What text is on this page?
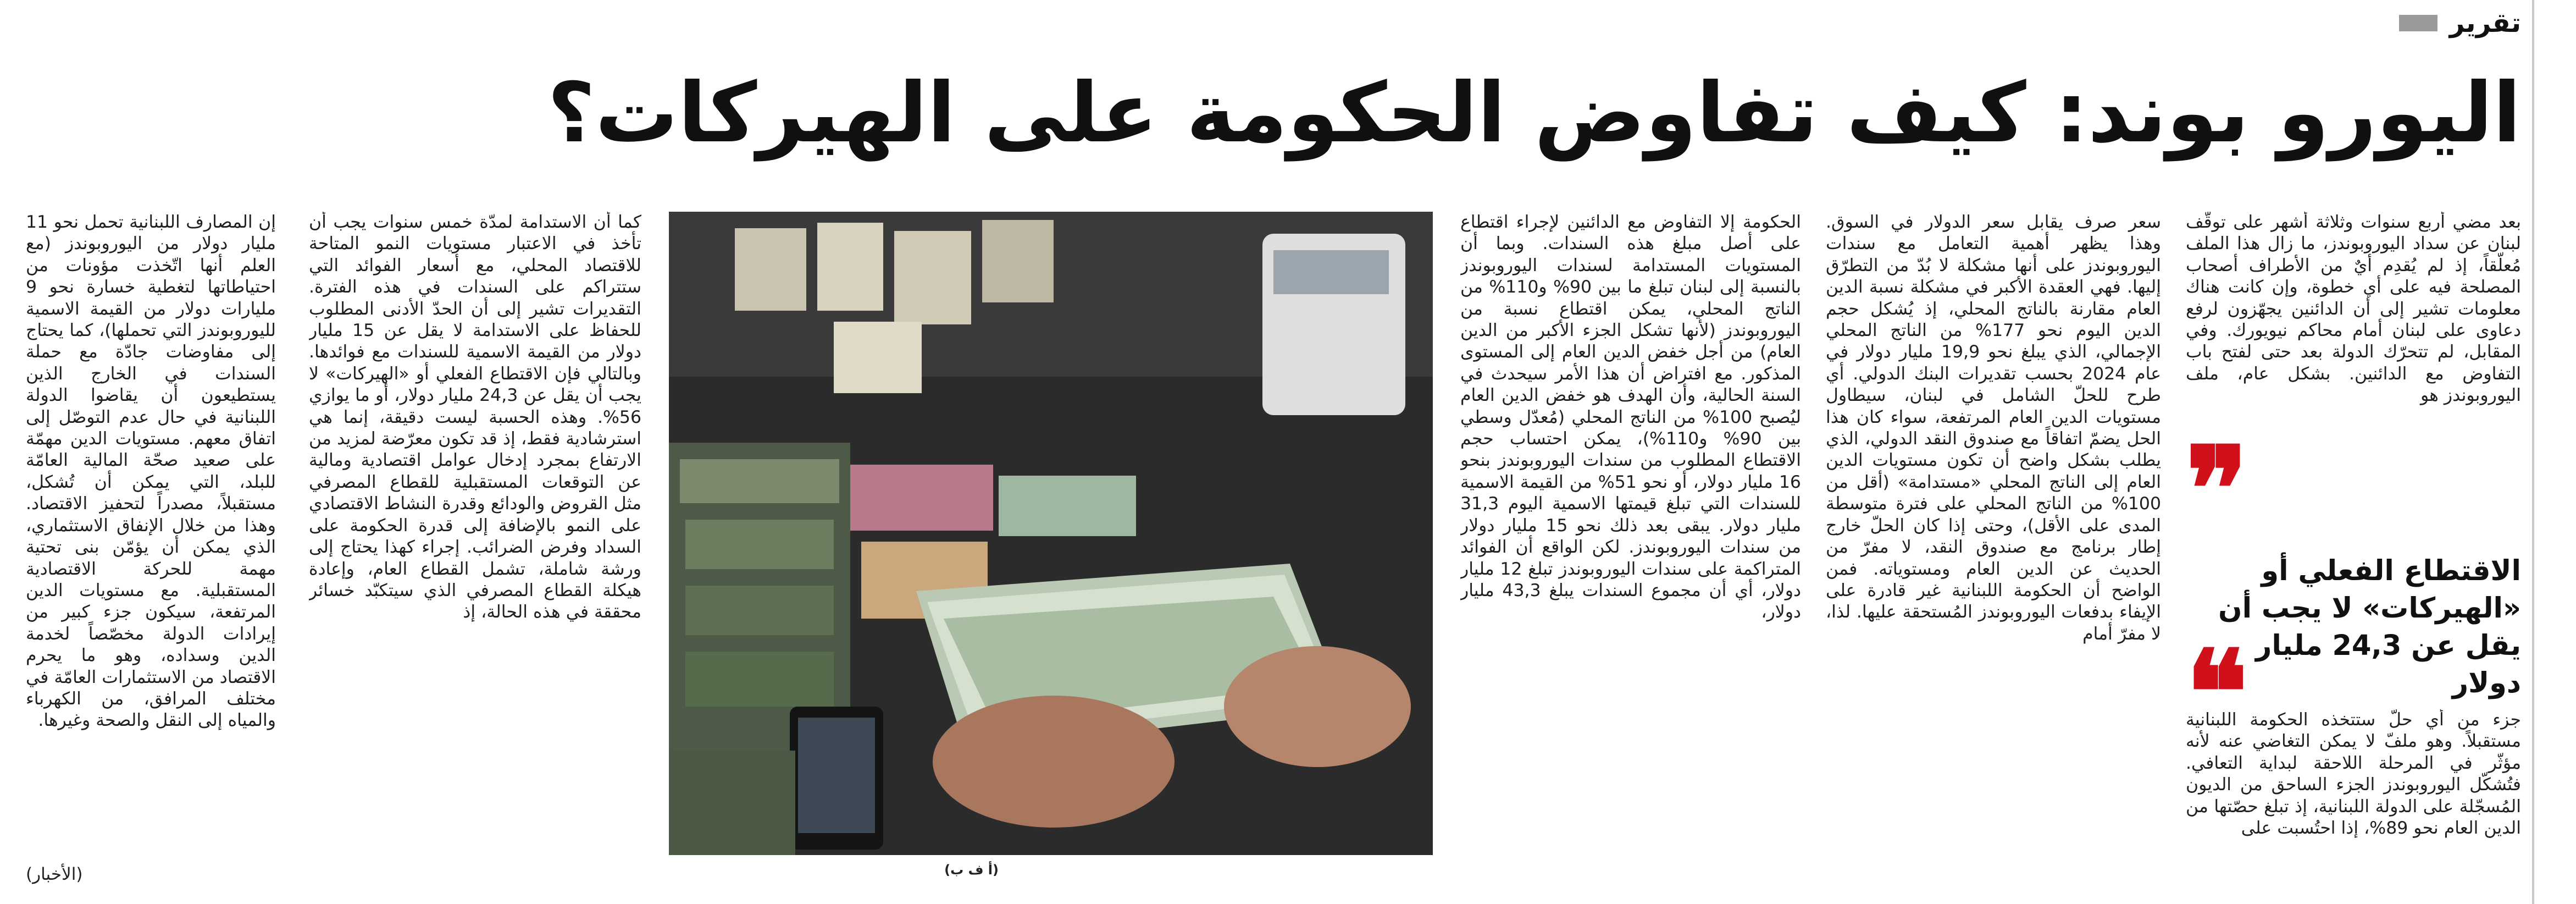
تقرير
اليورو بوند: كيف تفاوض الحكومة على الهيركات؟

بعد مضي أربع سنوات وثلاثة أشهر على توقّف لبنان عن سداد اليوروبوندز، ما زال هذا الملف مُعلّقاً، إذ لم يُقدِم أيٌ من الأطراف أصحاب المصلحة فيه على أي خطوة، وإن كانت هناك معلومات تشير إلى أن الدائنين يجهّزون لرفع دعاوى على لبنان أمام محاكم نيويورك. وفي المقابل، لم تتحرّك الدولة بعد حتى لفتح باب التفاوض مع الدائنين. بشكل عام، ملف اليوروبوندز هو

❞
الاقتطاع الفعلي أو «الهيركات» لا يجب أن يقل عن 24,3 مليار دولار
❝

جزء من أي حلّ ستتخذه الحكومة اللبنانية مستقبلاً. وهو ملفّ لا يمكن التغاضي عنه لأنه مؤثّر في المرحلة اللاحقة لبداية التعافي. فتُشكّل اليوروبوندز الجزء الساحق من الديون المُسجّلة على الدولة اللبنانية، إذ تبلغ حصّتها من الدين العام نحو 89%، إذا احتُسبت على

سعر صرف يقابل سعر الدولار في السوق. وهذا يظهر أهمية التعامل مع سندات اليوروبوندز على أنها مشكلة لا بُدّ من التطرّق إليها. فهي العقدة الأكبر في مشكلة نسبة الدين العام مقارنة بالناتج المحلي، إذ يُشكل حجم الدين اليوم نحو 177% من الناتج المحلي الإجمالي، الذي يبلغ نحو 19,9 مليار دولار في عام 2024 بحسب تقديرات البنك الدولي. أي طرح للحلّ الشامل في لبنان، سيطاول مستويات الدين العام المرتفعة، سواء كان هذا الحل يضمّ اتفاقاً مع صندوق النقد الدولي، الذي يطلب بشكل واضح أن تكون مستويات الدين العام إلى الناتج المحلي «مستدامة» (أقل من 100% من الناتج المحلي على فترة متوسطة المدى على الأقل)، وحتى إذا كان الحلّ خارج إطار برنامج مع صندوق النقد، لا مفرّ من الحديث عن الدين العام ومستوياته. فمن الواضح أن الحكومة اللبنانية غير قادرة على الإيفاء بدفعات اليوروبوندز المُستحقة عليها. لذا، لا مفرّ أمام

الحكومة إلا التفاوض مع الدائنين لإجراء اقتطاع على أصل مبلغ هذه السندات. وبما أن المستويات المستدامة لسندات اليوروبوندز بالنسبة إلى لبنان تبلغ ما بين 90% و110% من الناتج المحلي، يمكن اقتطاع نسبة من اليوروبوندز (لأنها تشكل الجزء الأكبر من الدين العام) من أجل خفض الدين العام إلى المستوى المذكور. مع افتراض أن هذا الأمر سيحدث في السنة الحالية، وأن الهدف هو خفض الدين العام ليُصبح 100% من الناتج المحلي (مُعدّل وسطي بين 90% و110%)، يمكن احتساب حجم الاقتطاع المطلوب من سندات اليوروبوندز بنحو 16 مليار دولار، أو نحو 51% من القيمة الاسمية للسندات التي تبلغ قيمتها الاسمية اليوم 31,3 مليار دولار. يبقى بعد ذلك نحو 15 مليار دولار من سندات اليوروبوندز. لكن الواقع أن الفوائد المتراكمة على سندات اليوروبوندز تبلغ 12 مليار دولار، أي أن مجموع السندات يبلغ 43,3 مليار دولار،

(أ ف ب)

كما أن الاستدامة لمدّة خمس سنوات يجب أن تأخذ في الاعتبار مستويات النمو المتاحة للاقتصاد المحلي، مع أسعار الفوائد التي ستتراكم على السندات في هذه الفترة. التقديرات تشير إلى أن الحدّ الأدنى المطلوب للحفاظ على الاستدامة لا يقل عن 15 مليار دولار من القيمة الاسمية للسندات مع فوائدها. وبالتالي فإن الاقتطاع الفعلي أو «الهيركات» لا يجب أن يقل عن 24,3 مليار دولار، أو ما يوازي 56%. وهذه الحسبة ليست دقيقة، إنما هي استرشادية فقط، إذ قد تكون معرّضة لمزيد من الارتفاع بمجرد إدخال عوامل اقتصادية ومالية عن التوقعات المستقبلية للقطاع المصرفي مثل القروض والودائع وقدرة النشاط الاقتصادي على النمو بالإضافة إلى قدرة الحكومة على السداد وفرض الضرائب. إجراء كهذا يحتاج إلى ورشة شاملة، تشمل القطاع العام، وإعادة هيكلة القطاع المصرفي الذي سيتكبّد خسائر محققة في هذه الحالة، إذ

إن المصارف اللبنانية تحمل نحو 11 مليار دولار من اليوروبوندز (مع العلم أنها اتّخذت مؤونات من احتياطاتها لتغطية خسارة نحو 9 مليارات دولار من القيمة الاسمية لليوروبوندز التي تحملها)، كما يحتاج إلى مفاوضات جادّة مع حملة السندات في الخارج الذين يستطيعون أن يقاضوا الدولة اللبنانية في حال عدم التوصّل إلى اتفاق معهم. مستويات الدين مهمّة على صعيد صحّة المالية العامّة للبلد، التي يمكن أن تُشكل، مستقبلاً، مصدراً لتحفيز الاقتصاد. وهذا من خلال الإنفاق الاستثماري، الذي يمكن أن يؤمّن بنى تحتية مهمة للحركة الاقتصادية المستقبلية. مع مستويات الدين المرتفعة، سيكون جزء كبير من إيرادات الدولة مخصّصاً لخدمة الدين وسداده، وهو ما يحرم الاقتصاد من الاستثمارات العامّة في مختلف المرافق، من الكهرباء والمياه إلى النقل والصحة وغيرها.

(الأخبار)
